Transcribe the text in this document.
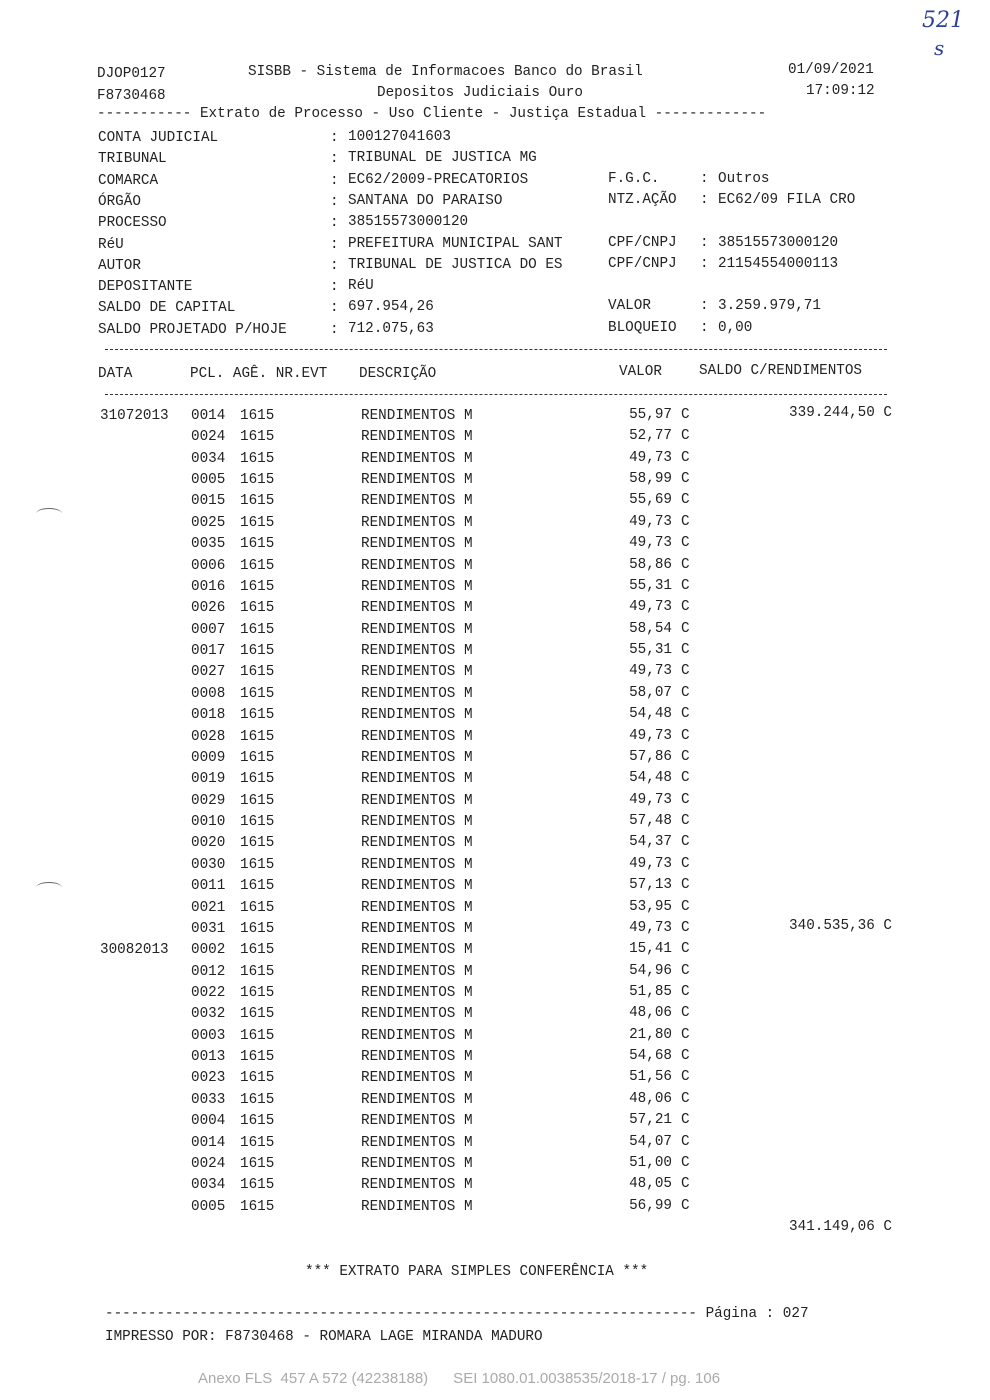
521
s
DJOP0127
F8730468
SISBB - Sistema de Informacoes Banco do Brasil
Depositos Judiciais Ouro
01/09/2021
17:09:12
----------- Extrato de Processo - Uso Cliente - Justiça Estadual -------------
CONTA JUDICIAL	: 100127041603
TRIBUNAL	: TRIBUNAL DE JUSTICA MG
COMARCA	: EC62/2009-PRECATORIOS
ÓRGÃO	: SANTANA DO PARAISO
PROCESSO	: 38515573000120
RéU	: PREFEITURA MUNICIPAL SANT
AUTOR	: TRIBUNAL DE JUSTICA DO ES
DEPOSITANTE	: RéU
SALDO DE CAPITAL	: 697.954,26
SALDO PROJETADO P/HOJE	: 712.075,63
F.G.C.	: Outros
NTZ.AÇÃO : EC62/09 FILA CRO
CPF/CNPJ : 38515573000120
CPF/CNPJ : 21154554000113
VALOR	: 3.259.979,71
BLOQUEIO : 0,00
DATA	PCL. AGÊ. NR.EVT DESCRIÇÃO	VALOR	SALDO C/RENDIMENTOS
31072013 0014 1615	RENDIMENTOS M	55,97 C	339.244,50 C
0024 1615	RENDIMENTOS M	52,77 C
0034 1615	RENDIMENTOS M	49,73 C
0005 1615	RENDIMENTOS M	58,99 C
0015 1615	RENDIMENTOS M	55,69 C
0025 1615	RENDIMENTOS M	49,73 C
0035 1615	RENDIMENTOS M	49,73 C
0006 1615	RENDIMENTOS M	58,86 C
0016 1615	RENDIMENTOS M	55,31 C
0026 1615	RENDIMENTOS M	49,73 C
0007 1615	RENDIMENTOS M	58,54 C
0017 1615	RENDIMENTOS M	55,31 C
0027 1615	RENDIMENTOS M	49,73 C
0008 1615	RENDIMENTOS M	58,07 C
0018 1615	RENDIMENTOS M	54,48 C
0028 1615	RENDIMENTOS M	49,73 C
0009 1615	RENDIMENTOS M	57,86 C
0019 1615	RENDIMENTOS M	54,48 C
0029 1615	RENDIMENTOS M	49,73 C
0010 1615	RENDIMENTOS M	57,48 C
0020 1615	RENDIMENTOS M	54,37 C
0030 1615	RENDIMENTOS M	49,73 C
0011 1615	RENDIMENTOS M	57,13 C
0021 1615	RENDIMENTOS M	53,95 C
0031 1615	RENDIMENTOS M	49,73 C	340.535,36 C
30082013 0002 1615	RENDIMENTOS M	15,41 C
0012 1615	RENDIMENTOS M	54,96 C
0022 1615	RENDIMENTOS M	51,85 C
0032 1615	RENDIMENTOS M	48,06 C
0003 1615	RENDIMENTOS M	21,80 C
0013 1615	RENDIMENTOS M	54,68 C
0023 1615	RENDIMENTOS M	51,56 C
0033 1615	RENDIMENTOS M	48,06 C
0004 1615	RENDIMENTOS M	57,21 C
0014 1615	RENDIMENTOS M	54,07 C
0024 1615	RENDIMENTOS M	51,00 C
0034 1615	RENDIMENTOS M	48,05 C
0005 1615	RENDIMENTOS M	56,99 C
341.149,06 C
*** EXTRATO PARA SIMPLES CONFERÊNCIA ***
--------------------------------------------------------------------- Página : 027
IMPRESSO POR: F8730468 - ROMARA LAGE MIRANDA MADURO
Anexo FLS  457 A 572 (42238188)      SEI 1080.01.0038535/2018-17 / pg. 106
